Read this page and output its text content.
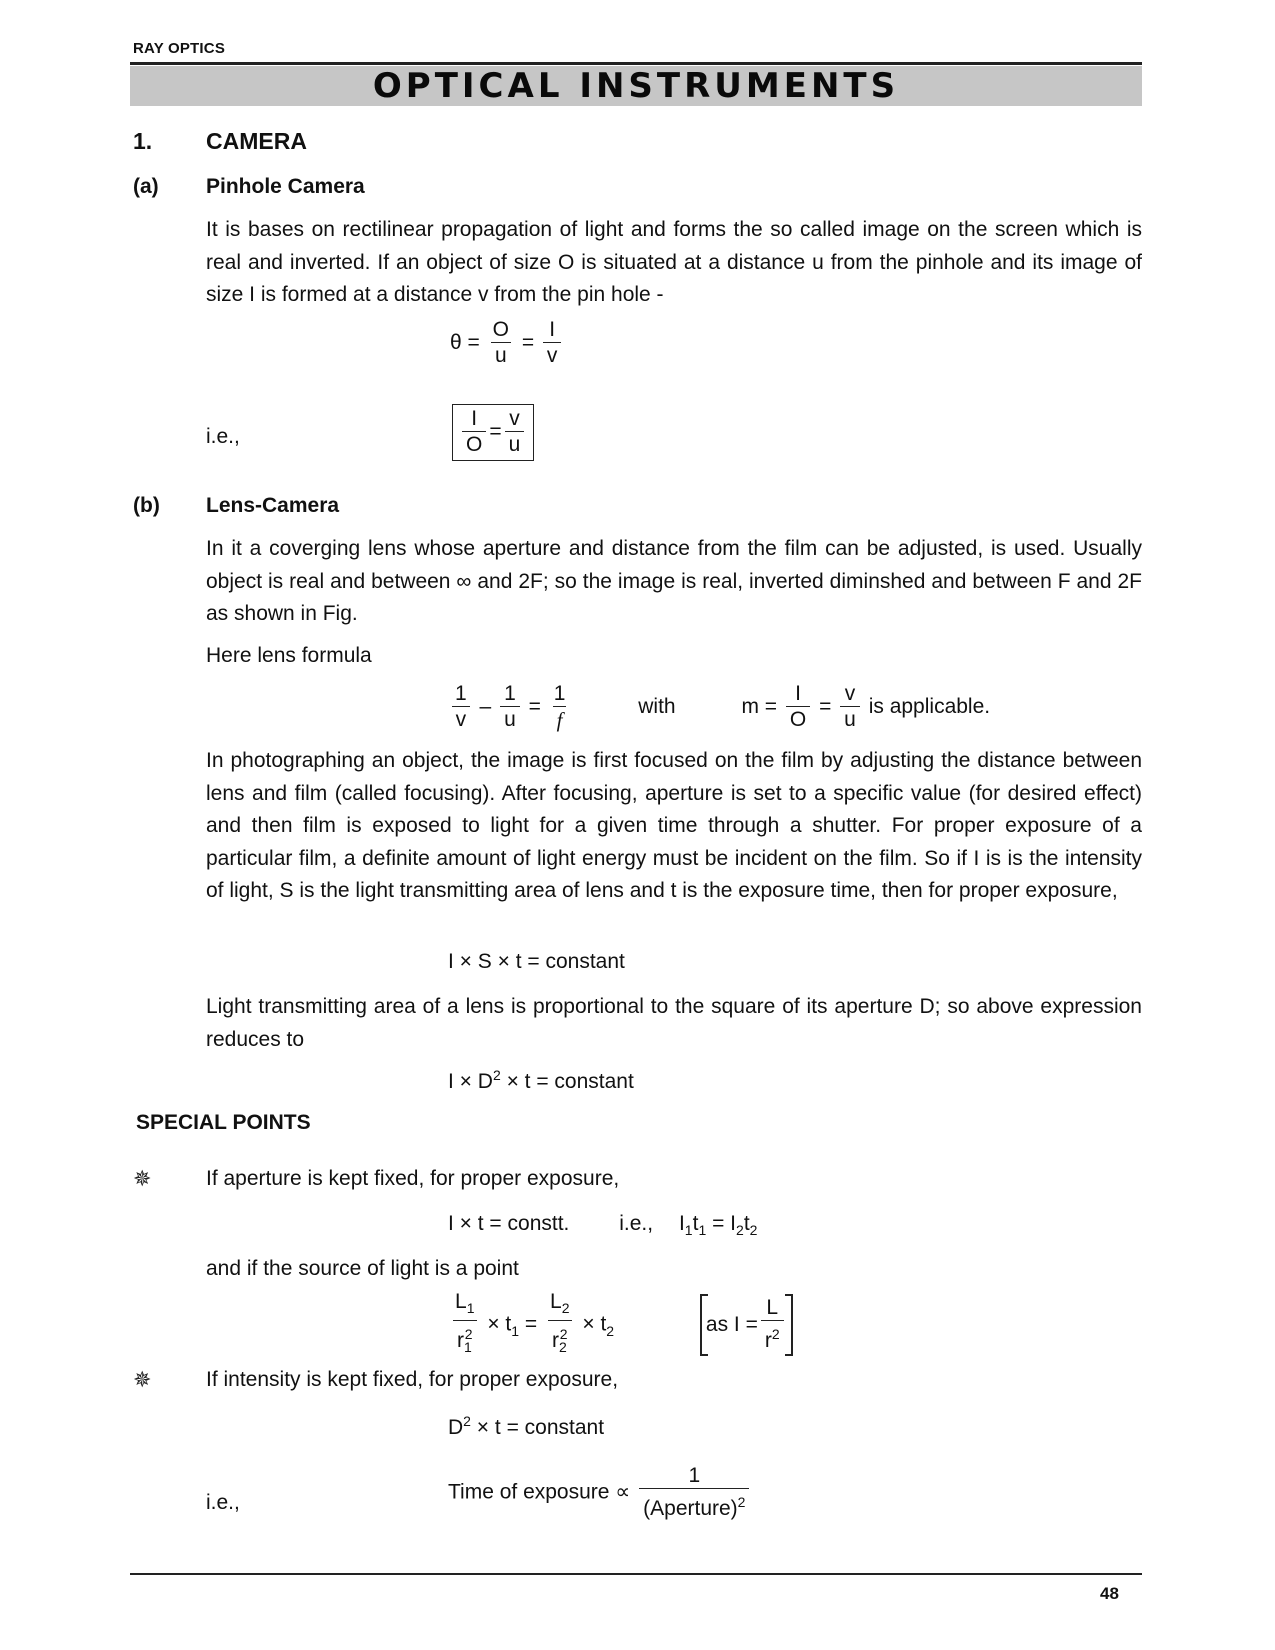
RAY OPTICS
OPTICAL INSTRUMENTS
1. CAMERA
(a) Pinhole Camera
It is bases on rectilinear propagation of light and forms the so called image on the screen which is real and inverted. If an object of size O is situated at a distance u from the pinhole and its image of size I is formed at a distance v from the pin hole -
$\theta = \frac{O}{u} = \frac{I}{v}$
i.e.,	$\frac{I}{O} = \frac{v}{u}$
(b) Lens-Camera
In it a coverging lens whose aperture and distance from the film can be adjusted, is used. Usually object is real and between ∞ and 2F; so the image is real, inverted diminshed and between F and 2F as shown in Fig.
Here lens formula
$\frac{1}{v} - \frac{1}{u} = \frac{1}{f}$	with	$m = \frac{I}{O} = \frac{v}{u}$ is applicable.
In photographing an object, the image is first focused on the film by adjusting the distance between lens and film (called focusing). After focusing, aperture is set to a specific value (for desired effect) and then film is exposed to light for a given time through a shutter. For proper exposure of a particular film, a definite amount of light energy must be incident on the film. So if I is is the intensity of light, S is the light transmitting area of lens and t is the exposure time, then for proper exposure,
I × S × t = constant
Light transmitting area of a lens is proportional to the square of its aperture D; so above expression reduces to
$I \times D^2 \times t$ = constant
SPECIAL POINTS
✵	If aperture is kept fixed, for proper exposure,
I × t = constt. i.e., $I_1t_1 = I_2t_2$
and if the source of light is a point
$\frac{L_1}{r_1^2} \times t_1 = \frac{L_2}{r_2^2} \times t_2$	as $I = \frac{L}{r^2}$
✵	If intensity is kept fixed, for proper exposure,
$D^2 \times t$ = constant
i.e.,	Time of exposure ∝ $\frac{1}{(Aperture)^2}$
48
